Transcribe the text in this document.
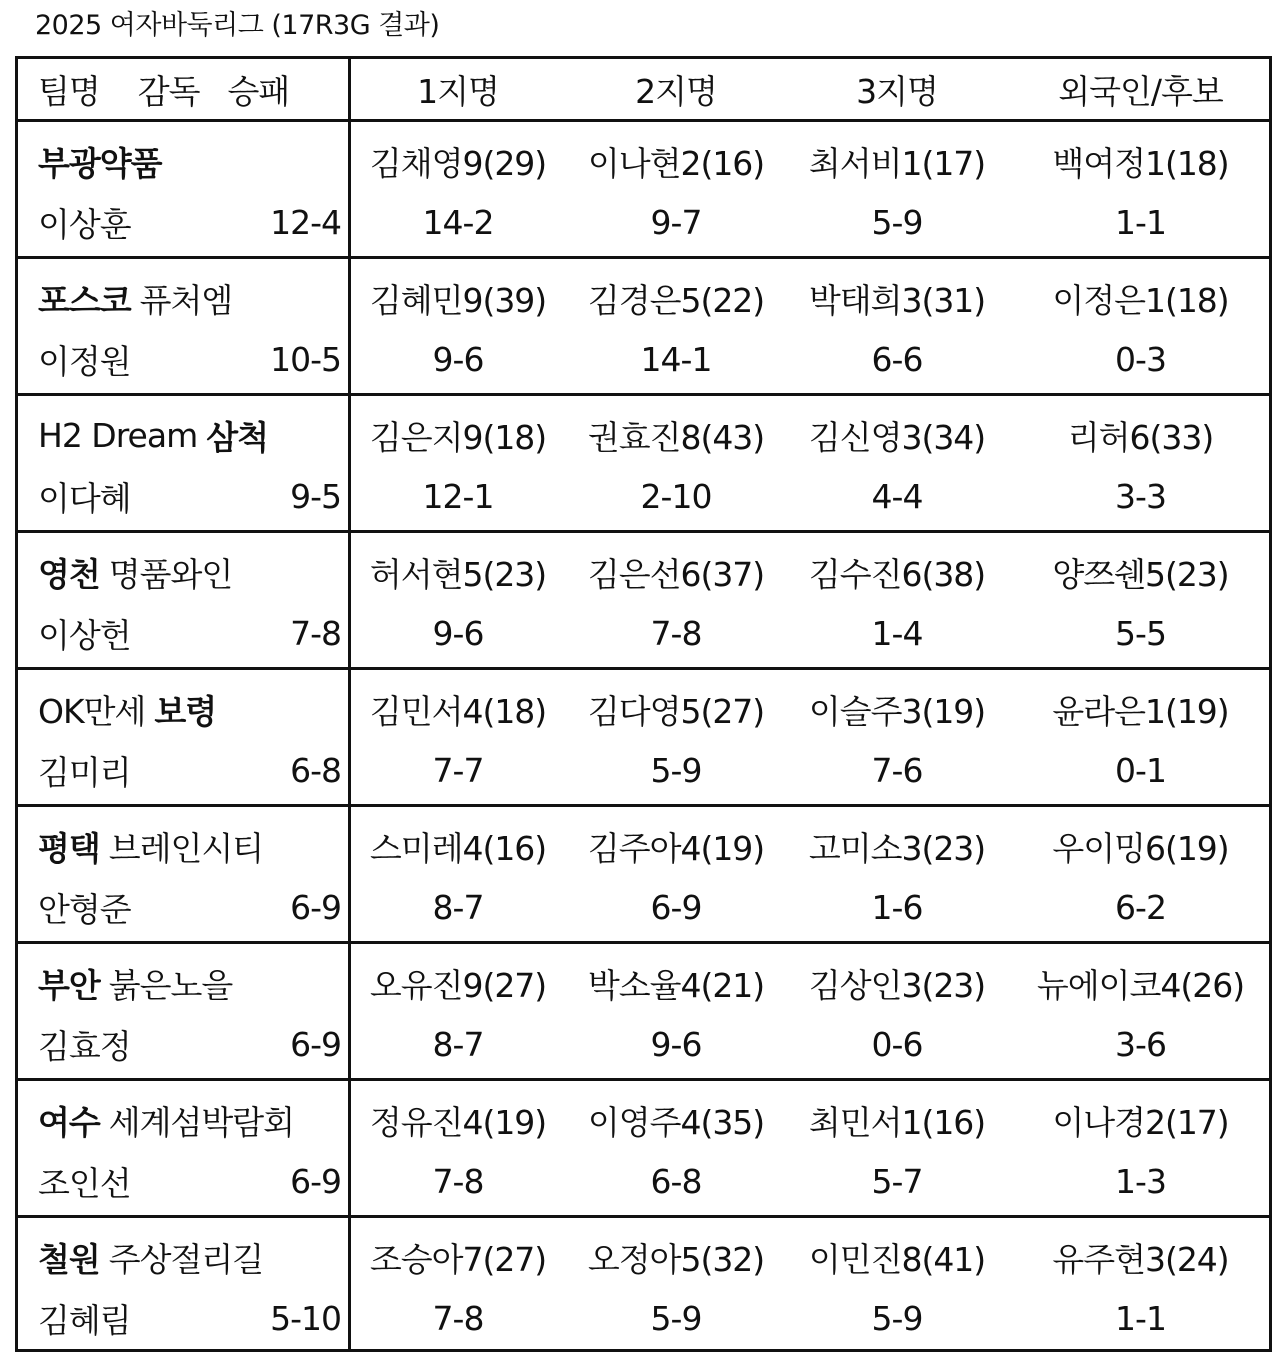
2025 여자바둑리그 (17R3G 결과)
팀명 감독 승패	1지명	2지명	3지명	외국인/후보
부광약품	김채영9(29)	이나현2(16)	최서비1(17)	백여정1(18)
이상훈	12-4	14-2	9-7	5-9	1-1
포스코 퓨처엠	김혜민9(39)	김경은5(22)	박태희3(31)	이정은1(18)
이정원	10-5	9-6	14-1	6-6	0-3
H2 Dream 삼척	김은지9(18)	권효진8(43)	김신영3(34)	리허6(33)
이다혜	9-5	12-1	2-10	4-4	3-3
영천 명품와인	허서현5(23)	김은선6(37)	김수진6(38)	양쯔쉔5(23)
이상헌	7-8	9-6	7-8	1-4	5-5
OK만세 보령	김민서4(18)	김다영5(27)	이슬주3(19)	윤라은1(19)
김미리	6-8	7-7	5-9	7-6	0-1
평택 브레인시티	스미레4(16)	김주아4(19)	고미소3(23)	우이밍6(19)
안형준	6-9	8-7	6-9	1-6	6-2
부안 붉은노을	오유진9(27)	박소율4(21)	김상인3(23)	뉴에이코4(26)
김효정	6-9	8-7	9-6	0-6	3-6
여수 세계섬박람회	정유진4(19)	이영주4(35)	최민서1(16)	이나경2(17)
조인선	6-9	7-8	6-8	5-7	1-3
철원 주상절리길	조승아7(27)	오정아5(32)	이민진8(41)	유주현3(24)
김혜림	5-10	7-8	5-9	5-9	1-1
